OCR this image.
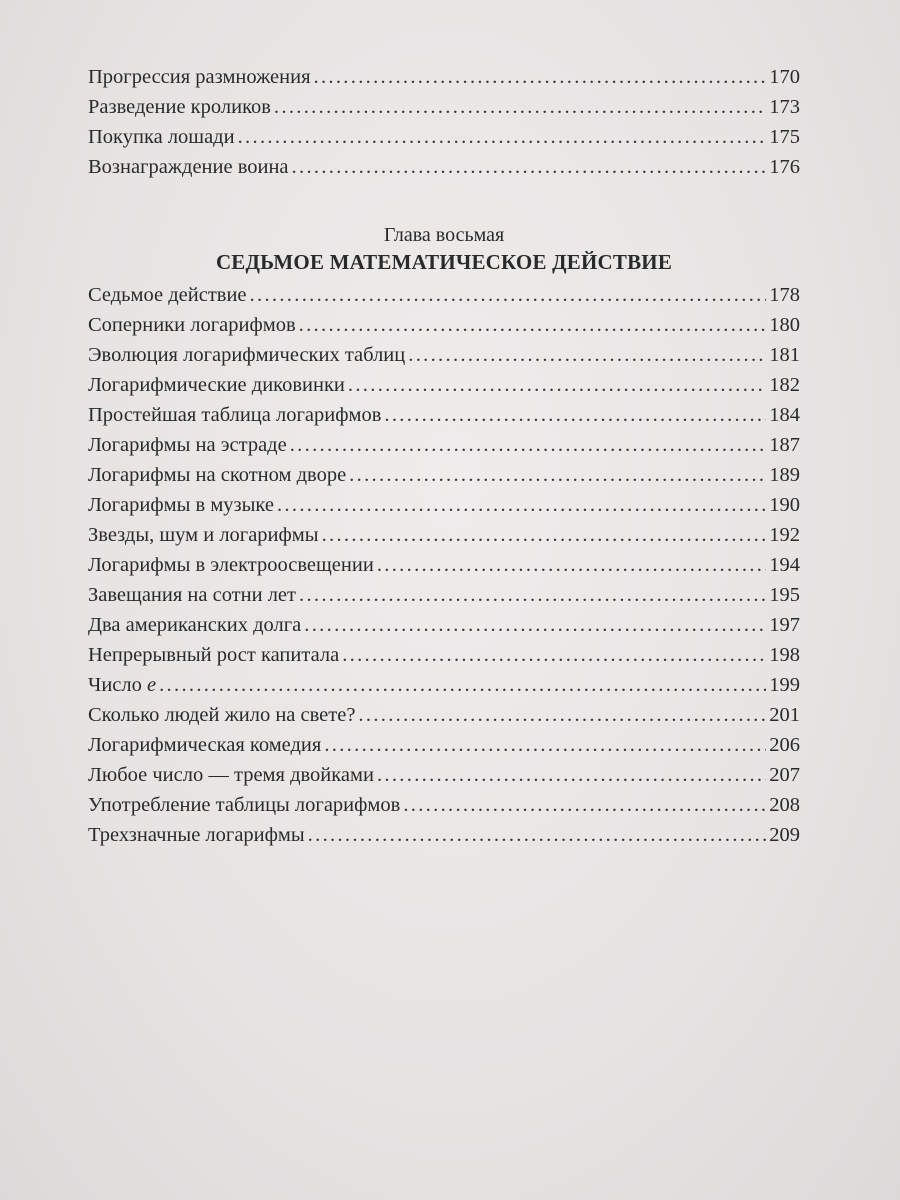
Прогрессия размножения . . .	170
Разведение кроликов . . .	173
Покупка лошади . . .	175
Вознаграждение воина . . .	176
Глава восьмая
СЕДЬМОЕ МАТЕМАТИЧЕСКОЕ ДЕЙСТВИЕ
Седьмое действие . . .	178
Соперники логарифмов . . .	180
Эволюция логарифмических таблиц . . .	181
Логарифмические диковинки . . .	182
Простейшая таблица логарифмов . . .	184
Логарифмы на эстраде . . .	187
Логарифмы на скотном дворе . . .	189
Логарифмы в музыке . . .	190
Звезды, шум и логарифмы . . .	192
Логарифмы в электроосвещении . . .	194
Завещания на сотни лет . . .	195
Два американских долга . . .	197
Непрерывный рост капитала . . .	198
Число e . . .	199
Сколько людей жило на свете? . . .	201
Логарифмическая комедия . . .	206
Любое число — тремя двойками . . .	207
Употребление таблицы логарифмов . . .	208
Трехзначные логарифмы . . .	209
